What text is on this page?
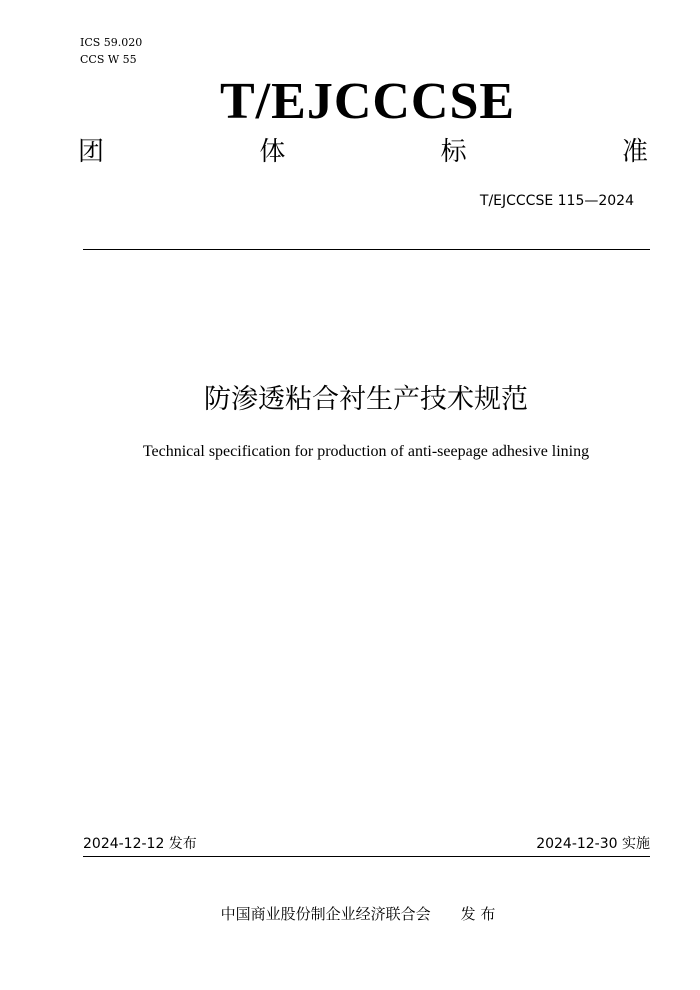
ICS 59.020
CCS W 55
T/EJCCCSE
团	体	标	准
T/EJCCCSE 115—2024
防渗透粘合衬生产技术规范
Technical specification for production of anti-seepage adhesive lining
2024-12-12 发布	2024-12-30 实施
中国商业股份制企业经济联合会 发 布
